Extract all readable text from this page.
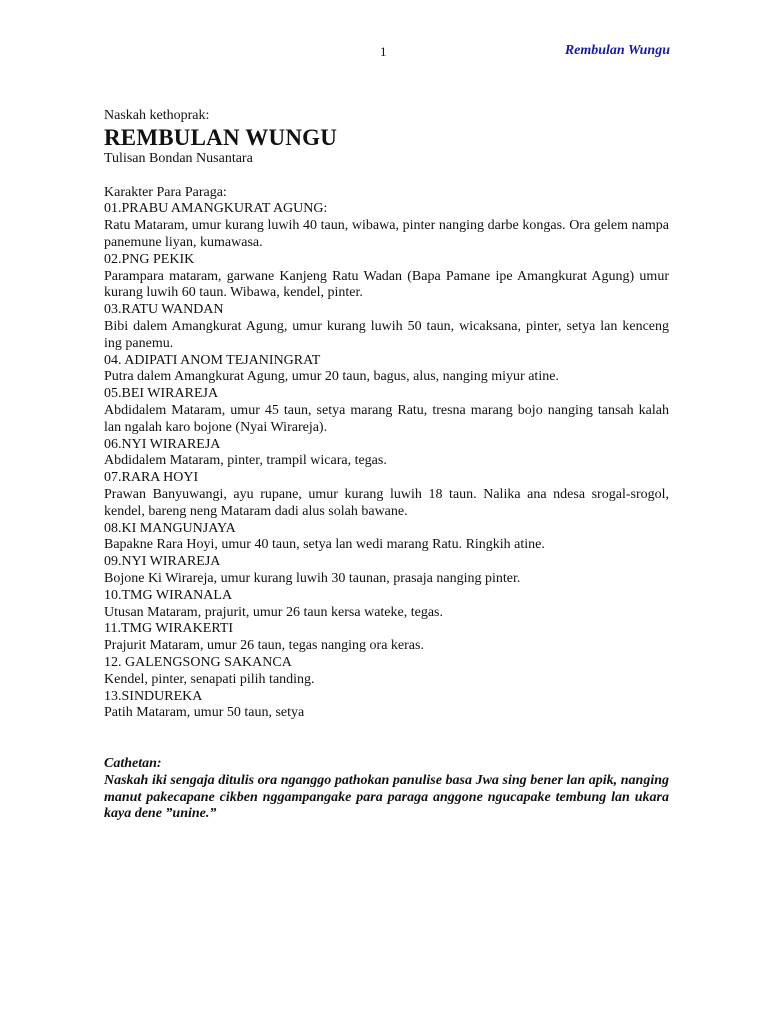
1	Rembulan Wungu

Naskah kethoprak:

REMBULAN WUNGU

Tulisan Bondan Nusantara

Karakter Para Paraga:

01.PRABU AMANGKURAT AGUNG:

Ratu Mataram, umur kurang luwih 40 taun, wibawa, pinter nanging darbe kongas. Ora gelem nampa panemune liyan, kumawasa.

02.PNG PEKIK

Parampara mataram, garwane Kanjeng Ratu Wadan (Bapa Pamane ipe Amangkurat Agung) umur kurang luwih 60 taun. Wibawa, kendel, pinter.

03.RATU WANDAN

Bibi dalem Amangkurat Agung, umur kurang luwih 50 taun, wicaksana, pinter, setya lan kenceng ing panemu.

04. ADIPATI ANOM TEJANINGRAT

Putra dalem Amangkurat Agung, umur 20 taun, bagus, alus, nanging miyur atine.

05.BEI WIRAREJA

Abdidalem Mataram, umur 45 taun, setya marang Ratu, tresna marang bojo nanging tansah kalah lan ngalah karo bojone (Nyai Wirareja).

06.NYI WIRAREJA

Abdidalem Mataram, pinter, trampil wicara, tegas.

07.RARA HOYI

Prawan Banyuwangi, ayu rupane, umur kurang luwih 18 taun. Nalika ana ndesa srogal-srogol, kendel, bareng neng Mataram dadi alus solah bawane.

08.KI MANGUNJAYA

Bapakne Rara Hoyi, umur 40 taun, setya lan wedi marang Ratu. Ringkih atine.

09.NYI WIRAREJA

Bojone Ki Wirareja, umur kurang luwih 30 taunan, prasaja nanging pinter.

10.TMG WIRANALA

Utusan Mataram, prajurit, umur 26 taun kersa wateke, tegas.

11.TMG WIRAKERTI

Prajurit Mataram, umur 26 taun, tegas nanging ora keras.

12. GALENGSONG SAKANCA

Kendel, pinter, senapati pilih tanding.

13.SINDUREKA

Patih Mataram, umur 50 taun, setya

Cathetan:

Naskah iki sengaja ditulis ora nganggo pathokan panulise basa Jwa sing bener lan apik, nanging manut pakecapane cikben nggampangake para paraga anggone ngucapake tembung lan ukara kaya dene ”unine.”
